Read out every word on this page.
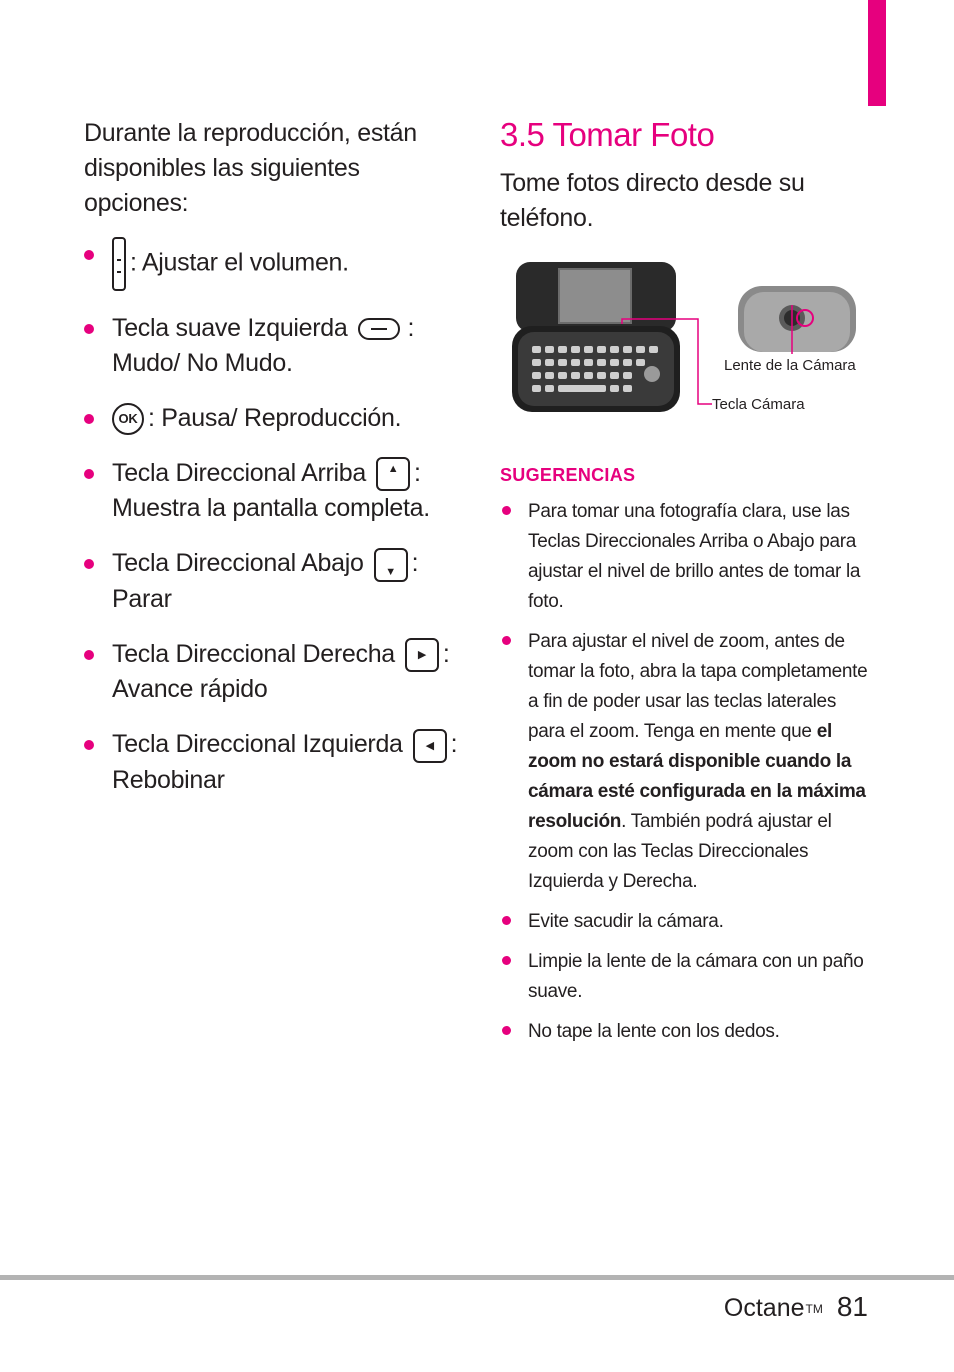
Durante la reproducción, están disponibles las siguientes opciones:

: Ajustar el volumen.
Tecla suave Izquierda : Mudo/ No Mudo.
OK : Pausa/ Reproducción.
Tecla Direccional Arriba	▲ : Muestra la pantalla completa.
Tecla Direccional Abajo	▼ : Parar
Tecla Direccional Derecha	▶ : Avance rápido
Tecla Direccional Izquierda	◀ : Rebobinar
3.5 Tomar Foto

Tome fotos directo desde su teléfono.

Lente de la Cámara
Tecla Cámara
SUGERENCIAS
Para tomar una fotografía clara, use las Teclas Direccionales Arriba o Abajo para ajustar el nivel de brillo antes de tomar la foto.
Para ajustar el nivel de zoom, antes de tomar la foto, abra la tapa completamente a fin de poder usar las teclas laterales para el zoom. Tenga en mente que el zoom no estará disponible cuando la cámara esté configurada en la máxima resolución. También podrá ajustar el zoom con las Teclas Direccionales Izquierda y Derecha.
Evite sacudir la cámara.
Limpie la lente de la cámara con un paño suave.
No tape la lente con los dedos.
Octane™ 81
